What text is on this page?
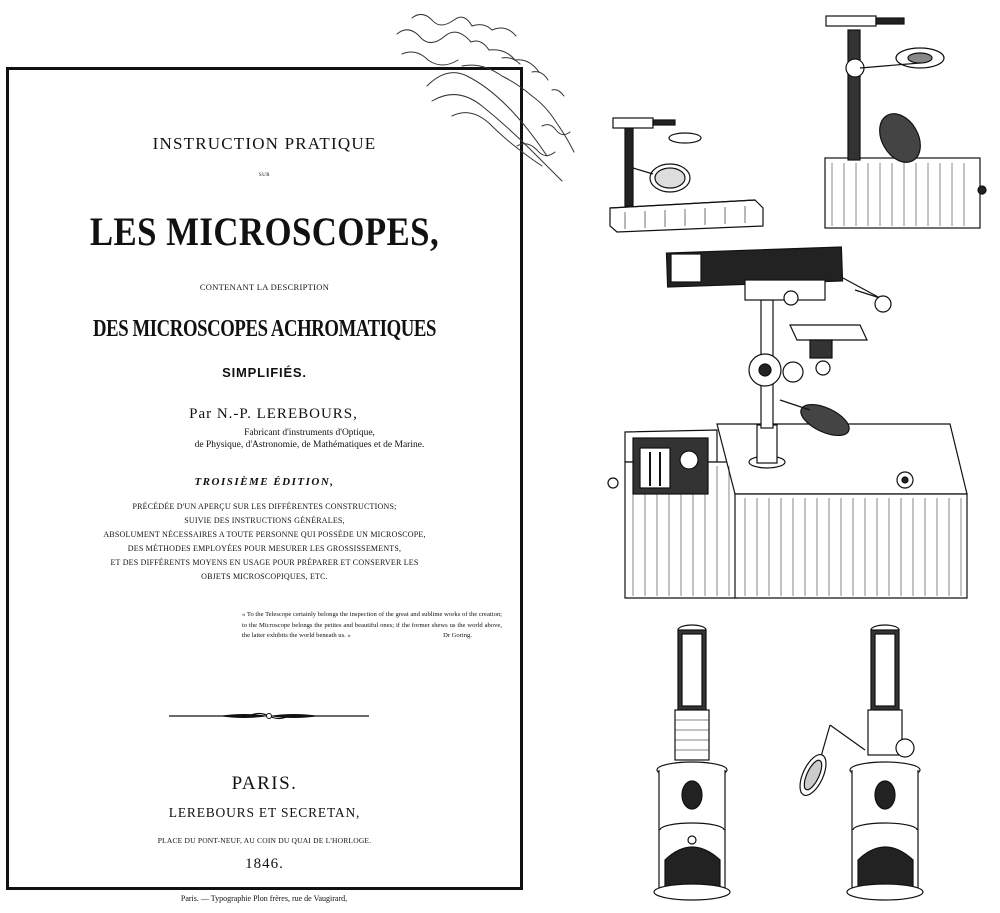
INSTRUCTION PRATIQUE
SUR
LES MICROSCOPES,
CONTENANT LA DESCRIPTION
DES MICROSCOPES ACHROMATIQUES
SIMPLIFIÉS.
Par N.-P. LEREBOURS,
Fabricant d'instruments d'Optique,
de Physique, d'Astronomie, de Mathématiques et de Marine.
TROISIÈME ÉDITION,
PRÉCÉDÉE D'UN APERÇU SUR LES DIFFÉRENTES CONSTRUCTIONS;
SUIVIE DES INSTRUCTIONS GÉNÉRALES,
ABSOLUMENT NÉCESSAIRES A TOUTE PERSONNE QUI POSSÈDE UN MICROSCOPE,
DES MÉTHODES EMPLOYÉES POUR MESURER LES GROSSISSEMENTS,
ET DES DIFFÉRENTS MOYENS EN USAGE POUR PRÉPARER ET CONSERVER LES
OBJETS MICROSCOPIQUES, ETC.
« To the Telescope certainly belongs the inspection of the great and sublime works of the creation; to the Microscope belongs the petites and beautiful ones; if the former shews us the world above, the latter exhibits the world beneath us. »	Dr Goring.
PARIS.
LEREBOURS ET SECRETAN,
PLACE DU PONT-NEUF, AU COIN DU QUAI DE L'HORLOGE.
1846.
Paris. — Typographie Plon frères, rue de Vaugirard,
